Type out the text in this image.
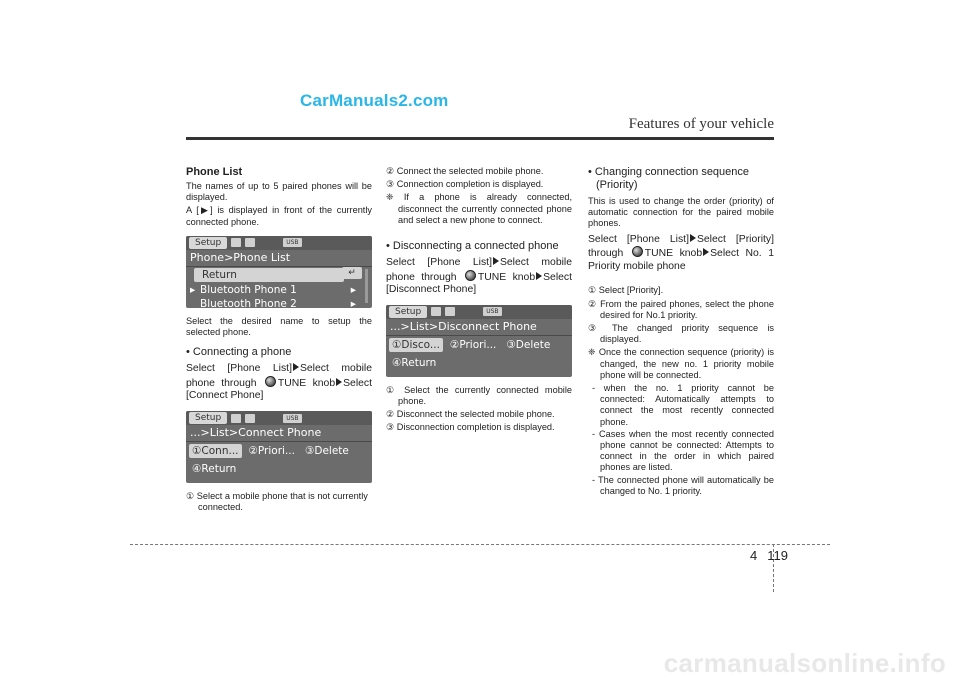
CarManuals2.com
Features of your vehicle
Phone List

The names of up to 5 paired phones will be displayed.

A [▶] is displayed in front of the currently connected phone.

Setup	USB
Phone>Phone List
Return
▸ Bluetooth Phone 1	▸
Bluetooth Phone 2	▸
↵

Select the desired name to setup the selected phone.

• Connecting a phone
Select [Phone List] Select mobile phone through TUNE knob Select [Connect Phone]
Setup	USB
...>List>Connect Phone
①Conn... ②Priori... ③Delete
④Return

① Select a mobile phone that is not currently connected.

② Connect the selected mobile phone.

③ Connection completion is displayed.

❈ If a phone is already connected, disconnect the currently connected phone and select a new phone to connect.

• Disconnecting a connected phone
Select [Phone List] Select mobile phone through TUNE knob Select [Disconnect Phone]
Setup	USB
...>List>Disconnect Phone
①Disco... ②Priori... ③Delete
④Return

① Select the currently connected mobile phone.

② Disconnect the selected mobile phone.

③ Disconnection completion is displayed.

• Changing connection sequence
(Priority)

This is used to change the order (priority) of automatic connection for the paired mobile phones.

Select [Phone List] Select [Priority] through TUNE knob Select No. 1 Priority mobile phone

① Select [Priority].

② From the paired phones, select the phone desired for No.1 priority.

③ The changed priority sequence is displayed.

❈ Once the connection sequence (priority) is changed, the new no. 1 priority mobile phone will be connected.

- when the no. 1 priority cannot be connected: Automatically attempts to connect the most recently connected phone.

- Cases when the most recently connected phone cannot be connected: Attempts to connect in the order in which paired phones are listed.

- The connected phone will automatically be changed to No. 1 priority.

4 119
carmanualsonline.info
